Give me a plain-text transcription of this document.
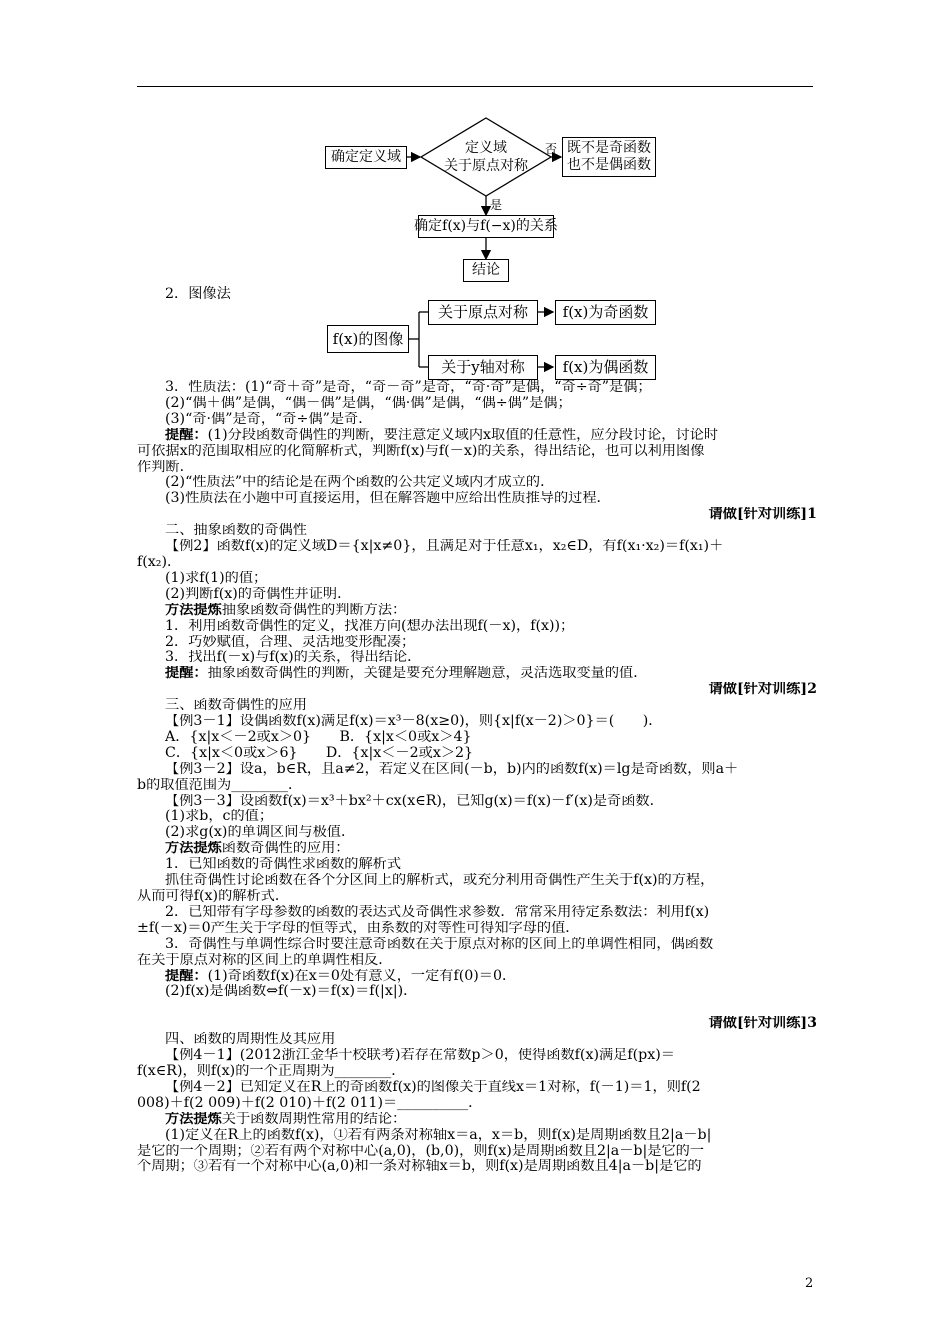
确定定义域
定义域
关于原点对称
否 既不是奇函数
也不是偶函数
是
确定f(x)与f(−x)的关系
结论
2．图像法
f(x)的图像
关于原点对称	f(x)为奇函数
关于y轴对称	f(x)为偶函数

3．性质法：(1)“奇＋奇”是奇，“奇－奇”是奇，“奇·奇”是偶，“奇÷奇”是偶；

(2)“偶＋偶”是偶，“偶－偶”是偶，“偶·偶”是偶，“偶÷偶”是偶；

(3)“奇·偶”是奇，“奇÷偶”是奇．

提醒：(1)分段函数奇偶性的判断，要注意定义域内x取值的任意性，应分段讨论，讨论时

可依据x的范围取相应的化简解析式，判断f(x)与f(－x)的关系，得出结论，也可以利用图像

作判断．

(2)“性质法”中的结论是在两个函数的公共定义域内才成立的．

(3)性质法在小题中可直接运用，但在解答题中应给出性质推导的过程．

请做[针对训练]1

二、抽象函数的奇偶性

【例2】函数f(x)的定义域D＝{x|x≠0}，且满足对于任意x₁，x₂∈D，有f(x₁·x₂)＝f(x₁)＋

f(x₂)．

(1)求f(1)的值；

(2)判断f(x)的奇偶性并证明．

方法提炼抽象函数奇偶性的判断方法：

1．利用函数奇偶性的定义，找准方向(想办法出现f(－x)，f(x))；

2．巧妙赋值，合理、灵活地变形配凑；

3．找出f(－x)与f(x)的关系，得出结论．

提醒：抽象函数奇偶性的判断，关键是要充分理解题意，灵活选取变量的值．

请做[针对训练]2

三、函数奇偶性的应用

【例3－1】设偶函数f(x)满足f(x)＝x³－8(x≥0)，则{x|f(x－2)＞0}＝(　　)．

A．{x|x＜－2或x＞0}　　B．{x|x＜0或x＞4}

C．{x|x＜0或x＞6}　　D．{x|x＜－2或x＞2}

【例3－2】设a，b∈R，且a≠2，若定义在区间(－b，b)内的函数f(x)＝lg是奇函数，则a＋

b的取值范围为________．

【例3－3】设函数f(x)＝x³＋bx²＋cx(x∈R)，已知g(x)＝f(x)－f′(x)是奇函数．

(1)求b，c的值；

(2)求g(x)的单调区间与极值．

方法提炼函数奇偶性的应用：

1．已知函数的奇偶性求函数的解析式

抓住奇偶性讨论函数在各个分区间上的解析式，或充分利用奇偶性产生关于f(x)的方程，

从而可得f(x)的解析式．

2．已知带有字母参数的函数的表达式及奇偶性求参数．常常采用待定系数法：利用f(x)

±f(－x)＝0产生关于字母的恒等式，由系数的对等性可得知字母的值．

3．奇偶性与单调性综合时要注意奇函数在关于原点对称的区间上的单调性相同，偶函数

在关于原点对称的区间上的单调性相反．

提醒：(1)奇函数f(x)在x＝0处有意义，一定有f(0)＝0．

(2)f(x)是偶函数⇔f(－x)＝f(x)＝f(|x|)．

请做[针对训练]3

四、函数的周期性及其应用

【例4－1】(2012浙江金华十校联考)若存在常数p＞0，使得函数f(x)满足f(px)＝

f(x∈R)，则f(x)的一个正周期为________．

【例4－2】已知定义在R上的奇函数f(x)的图像关于直线x＝1对称，f(－1)＝1，则f(2

008)＋f(2 009)＋f(2 010)＋f(2 011)＝__________．

方法提炼关于函数周期性常用的结论：

(1)定义在R上的函数f(x)，①若有两条对称轴x＝a，x＝b，则f(x)是周期函数且2|a－b|

是它的一个周期；②若有两个对称中心(a,0)，(b,0)，则f(x)是周期函数且2|a－b|是它的一

个周期；③若有一个对称中心(a,0)和一条对称轴x＝b，则f(x)是周期函数且4|a－b|是它的

2
